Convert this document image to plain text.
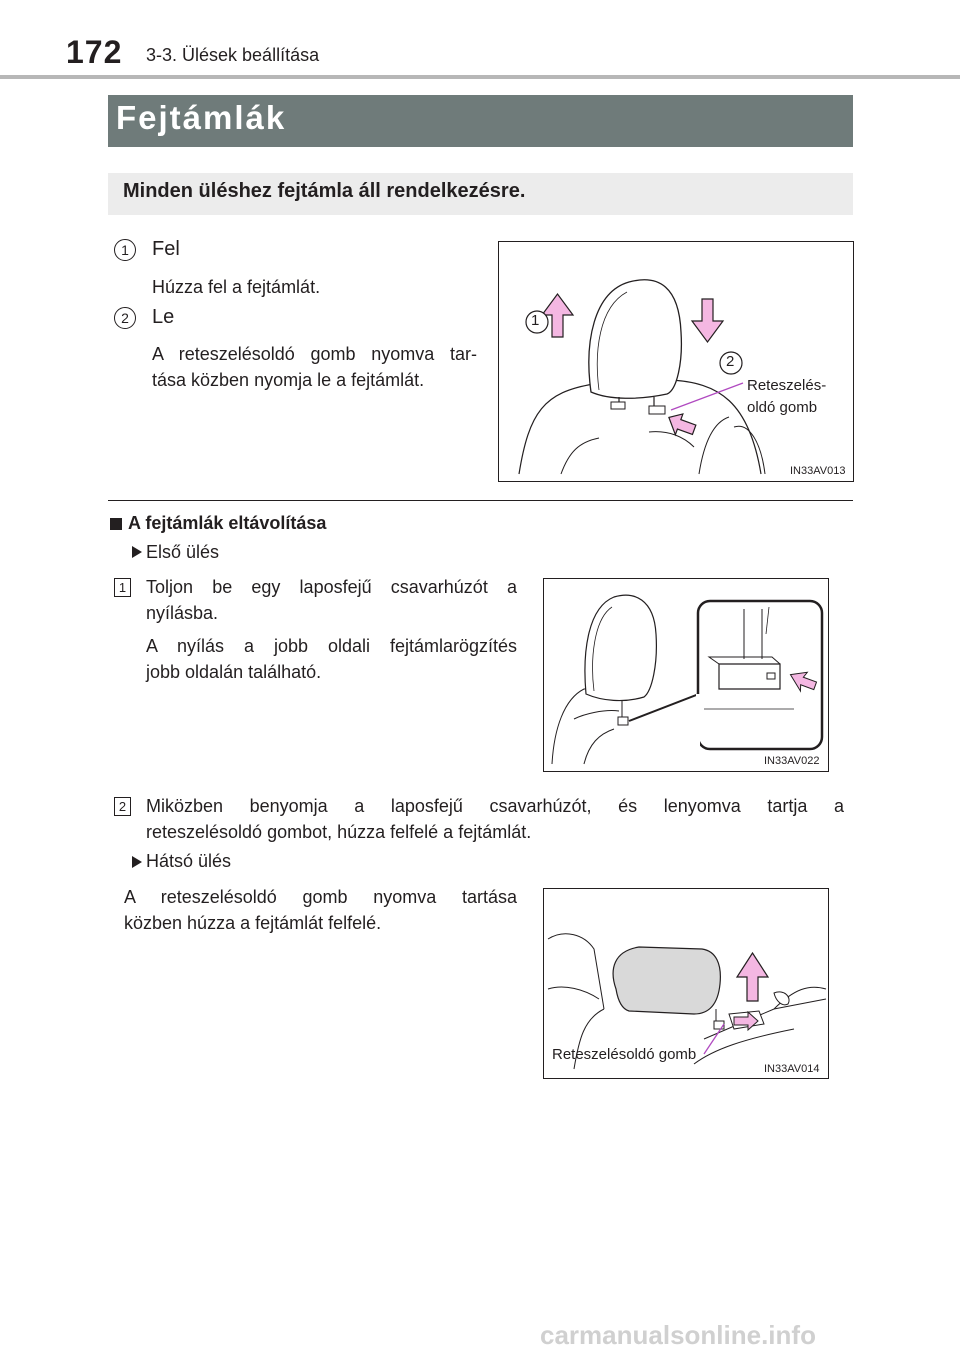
172 3-3. Ülések beállítása
Fejtámlák
Minden üléshez fejtámla áll rendelkezésre.
1	Fel
Húzza fel a fejtámlát.
2	Le
A reteszelésoldó gomb nyomva tar-
tása közben nyomja le a fejtámlát.
1
2
Reteszelés-
oldó gomb
IN33AV013
A fejtámlák eltávolítása
Első ülés
1 Toljon be egy laposfejű csavarhúzót a
nyílásba.
A nyílás a jobb oldali fejtámlarögzítés
jobb oldalán található.
IN33AV022
2 Miközben benyomja a laposfejű csavarhúzót, és lenyomva tartja a
reteszelésoldó gombot, húzza felfelé a fejtámlát.
Hátsó ülés
A reteszelésoldó gomb nyomva tartása
közben húzza a fejtámlát felfelé.
Reteszelésoldó gomb
IN33AV014
carmanualsonline.info
